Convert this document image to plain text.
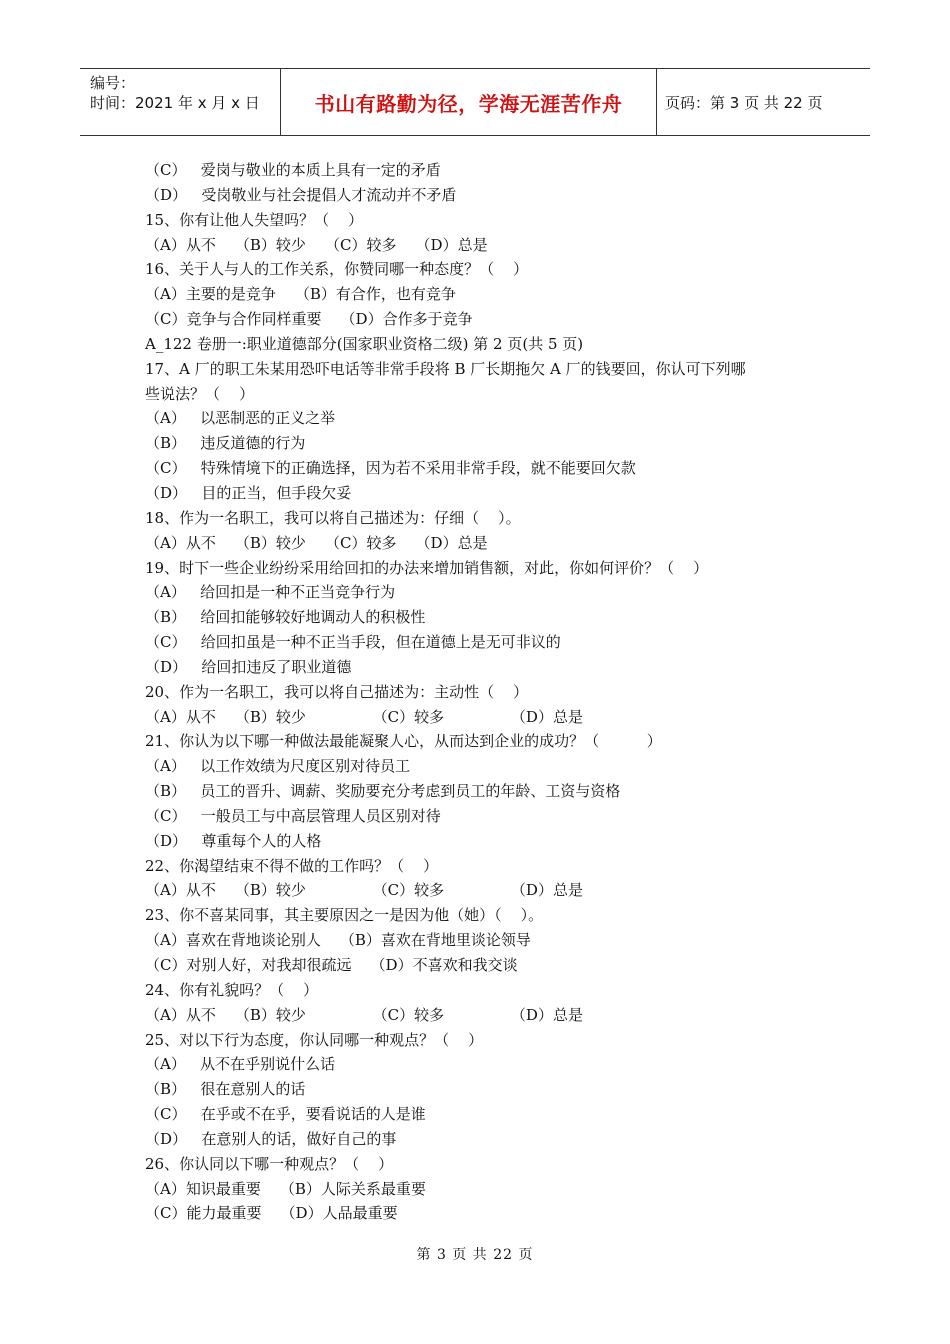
编号：
时间：2021 年 x 月 x 日	书山有路勤为径，学海无涯苦作舟	页码：第 3 页 共 22 页

（C）   爱岗与敬业的本质上具有一定的矛盾

（D）   受岗敬业与社会提倡人才流动并不矛盾

15、你有让他人失望吗？（    ）

（A）从不    （B）较少    （C）较多    （D）总是

16、关于人与人的工作关系，你赞同哪一种态度？（    ）

（A）主要的是竞争    （B）有合作，也有竞争

（C）竞争与合作同样重要    （D）合作多于竞争

A_122 卷册一:职业道德部分(国家职业资格二级) 第 2 页(共 5 页)

17、A 厂的职工朱某用恐吓电话等非常手段将 B 厂长期拖欠 A 厂的钱要回，你认可下列哪

些说法？（    ）

（A）   以恶制恶的正义之举

（B）   违反道德的行为

（C）   特殊情境下的正确选择，因为若不采用非常手段，就不能要回欠款

（D）   目的正当，但手段欠妥

18、作为一名职工，我可以将自己描述为：仔细（    ）。

（A）从不    （B）较少    （C）较多    （D）总是

19、时下一些企业纷纷采用给回扣的办法来增加销售额，对此，你如何评价？（    ）

（A）   给回扣是一种不正当竞争行为

（B）   给回扣能够较好地调动人的积极性

（C）   给回扣虽是一种不正当手段，但在道德上是无可非议的

（D）   给回扣违反了职业道德

20、作为一名职工，我可以将自己描述为：主动性（    ）

（A）从不    （B）较少              （C）较多              （D）总是

21、你认为以下哪一种做法最能凝聚人心，从而达到企业的成功？（          ）

（A）   以工作效绩为尺度区别对待员工

（B）   员工的晋升、调薪、奖励要充分考虑到员工的年龄、工资与资格

（C）   一般员工与中高层管理人员区别对待

（D）   尊重每个人的人格

22、你渴望结束不得不做的工作吗？（    ）

（A）从不    （B）较少              （C）较多              （D）总是

23、你不喜某同事，其主要原因之一是因为他（她）（    ）。

（A）喜欢在背地谈论别人    （B）喜欢在背地里谈论领导

（C）对别人好，对我却很疏远    （D）不喜欢和我交谈

24、你有礼貌吗？（    ）

（A）从不    （B）较少              （C）较多              （D）总是

25、对以下行为态度，你认同哪一种观点？（    ）

（A）   从不在乎别说什么话

（B）   很在意别人的话

（C）   在乎或不在乎，要看说话的人是谁

（D）   在意别人的话，做好自己的事

26、你认同以下哪一种观点？（    ）

（A）知识最重要    （B）人际关系最重要

（C）能力最重要    （D）人品最重要

第 3 页 共 22 页
